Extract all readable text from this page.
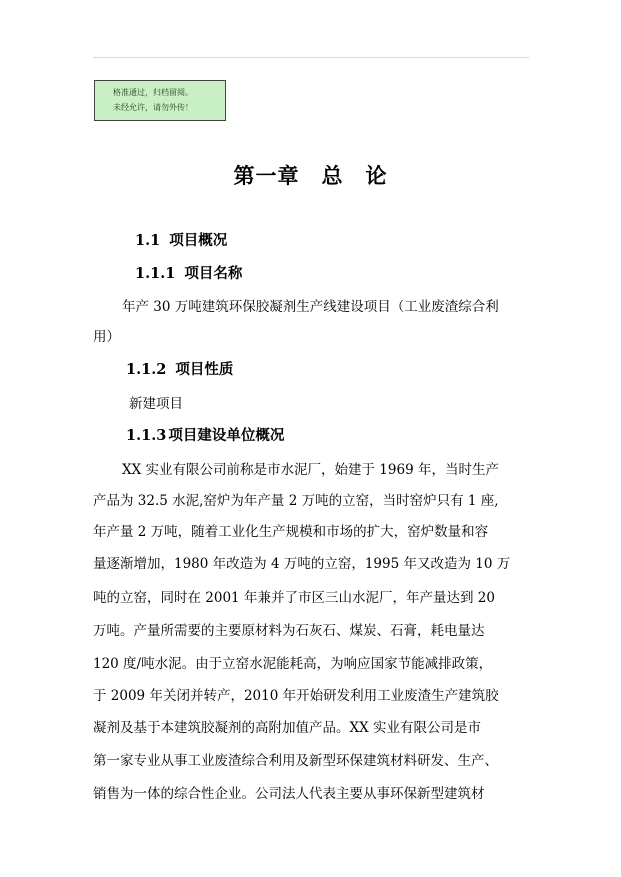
格准通过，归档留阅。
未经允许，请勿外传！
第一章 总 论
1.1 项目概况
1.1.1 项目名称
年产 30 万吨建筑环保胶凝剂生产线建设项目（工业废渣综合利
用）
1.1.2 项目性质
新建项目
1.1.3 项目建设单位概况
XX 实业有限公司前称是市水泥厂，始建于 1969 年，当时生产
产品为 32.5 水泥,窑炉为年产量 2 万吨的立窑，当时窑炉只有 1 座,
年产量 2 万吨，随着工业化生产规模和市场的扩大，窑炉数量和容
量逐渐增加，1980 年改造为 4 万吨的立窑，1995 年又改造为 10 万
吨的立窑，同时在 2001 年兼并了市区三山水泥厂，年产量达到 20
万吨。产量所需要的主要原材料为石灰石、煤炭、石膏，耗电量达
120 度/吨水泥。由于立窑水泥能耗高，为响应国家节能减排政策，
于 2009 年关闭并转产，2010 年开始研发利用工业废渣生产建筑胶
凝剂及基于本建筑胶凝剂的高附加值产品。XX 实业有限公司是市
第一家专业从事工业废渣综合利用及新型环保建筑材料研发、生产、
销售为一体的综合性企业。公司法人代表主要从事环保新型建筑材
